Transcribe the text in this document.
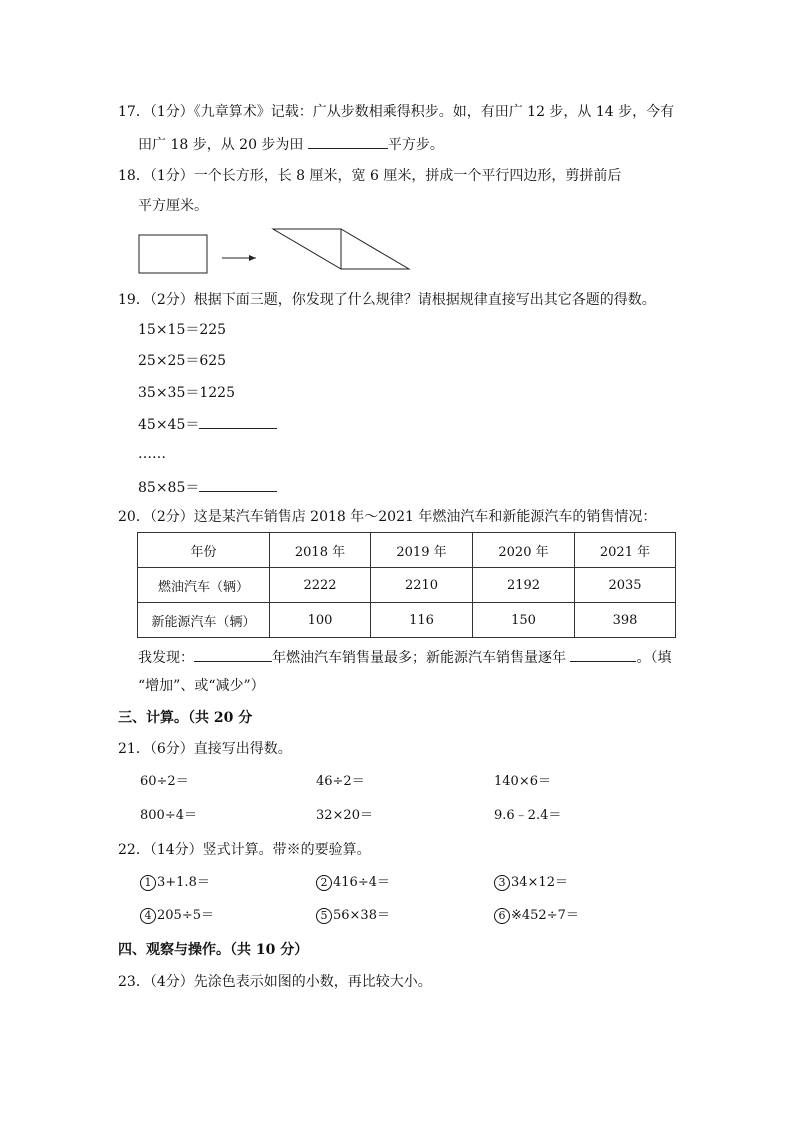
17．（1分）《九章算术》记载：广从步数相乘得积步。如，有田广 12 步，从 14 步，今有
田广 18 步，从 20 步为田	平方步。
18．（1分）一个长方形，长 8 厘米，宽 6 厘米，拼成一个平行四边形，剪拼前后
平方厘米。
19．（2分）根据下面三题，你发现了什么规律？请根据规律直接写出其它各题的得数。
15×15＝225
25×25＝625
35×35＝1225
45×45＝
……
85×85＝
20．（2分）这是某汽车销售店 2018 年～2021 年燃油汽车和新能源汽车的销售情况：
年份	2018 年	2019 年	2020 年	2021 年
燃油汽车（辆）	2222	2210	2192	2035
新能源汽车（辆）	100	116	150	398
我发现：	年燃油汽车销售量最多；新能源汽车销售量逐年	。（填
“增加”、或“减少”）
三、计算。（共 20 分
21．（6分）直接写出得数。
60÷2＝	46÷2＝	140×6＝
800÷4＝	32×20＝	9.6﹣2.4＝
22．（14分）竖式计算。带※的要验算。
1 3+1.8＝	2 416÷4＝	3 34×12＝
4 205÷5＝	5 56×38＝	6 ※452÷7＝
四、观察与操作。（共 10 分）
23．（4分）先涂色表示如图的小数，再比较大小。
